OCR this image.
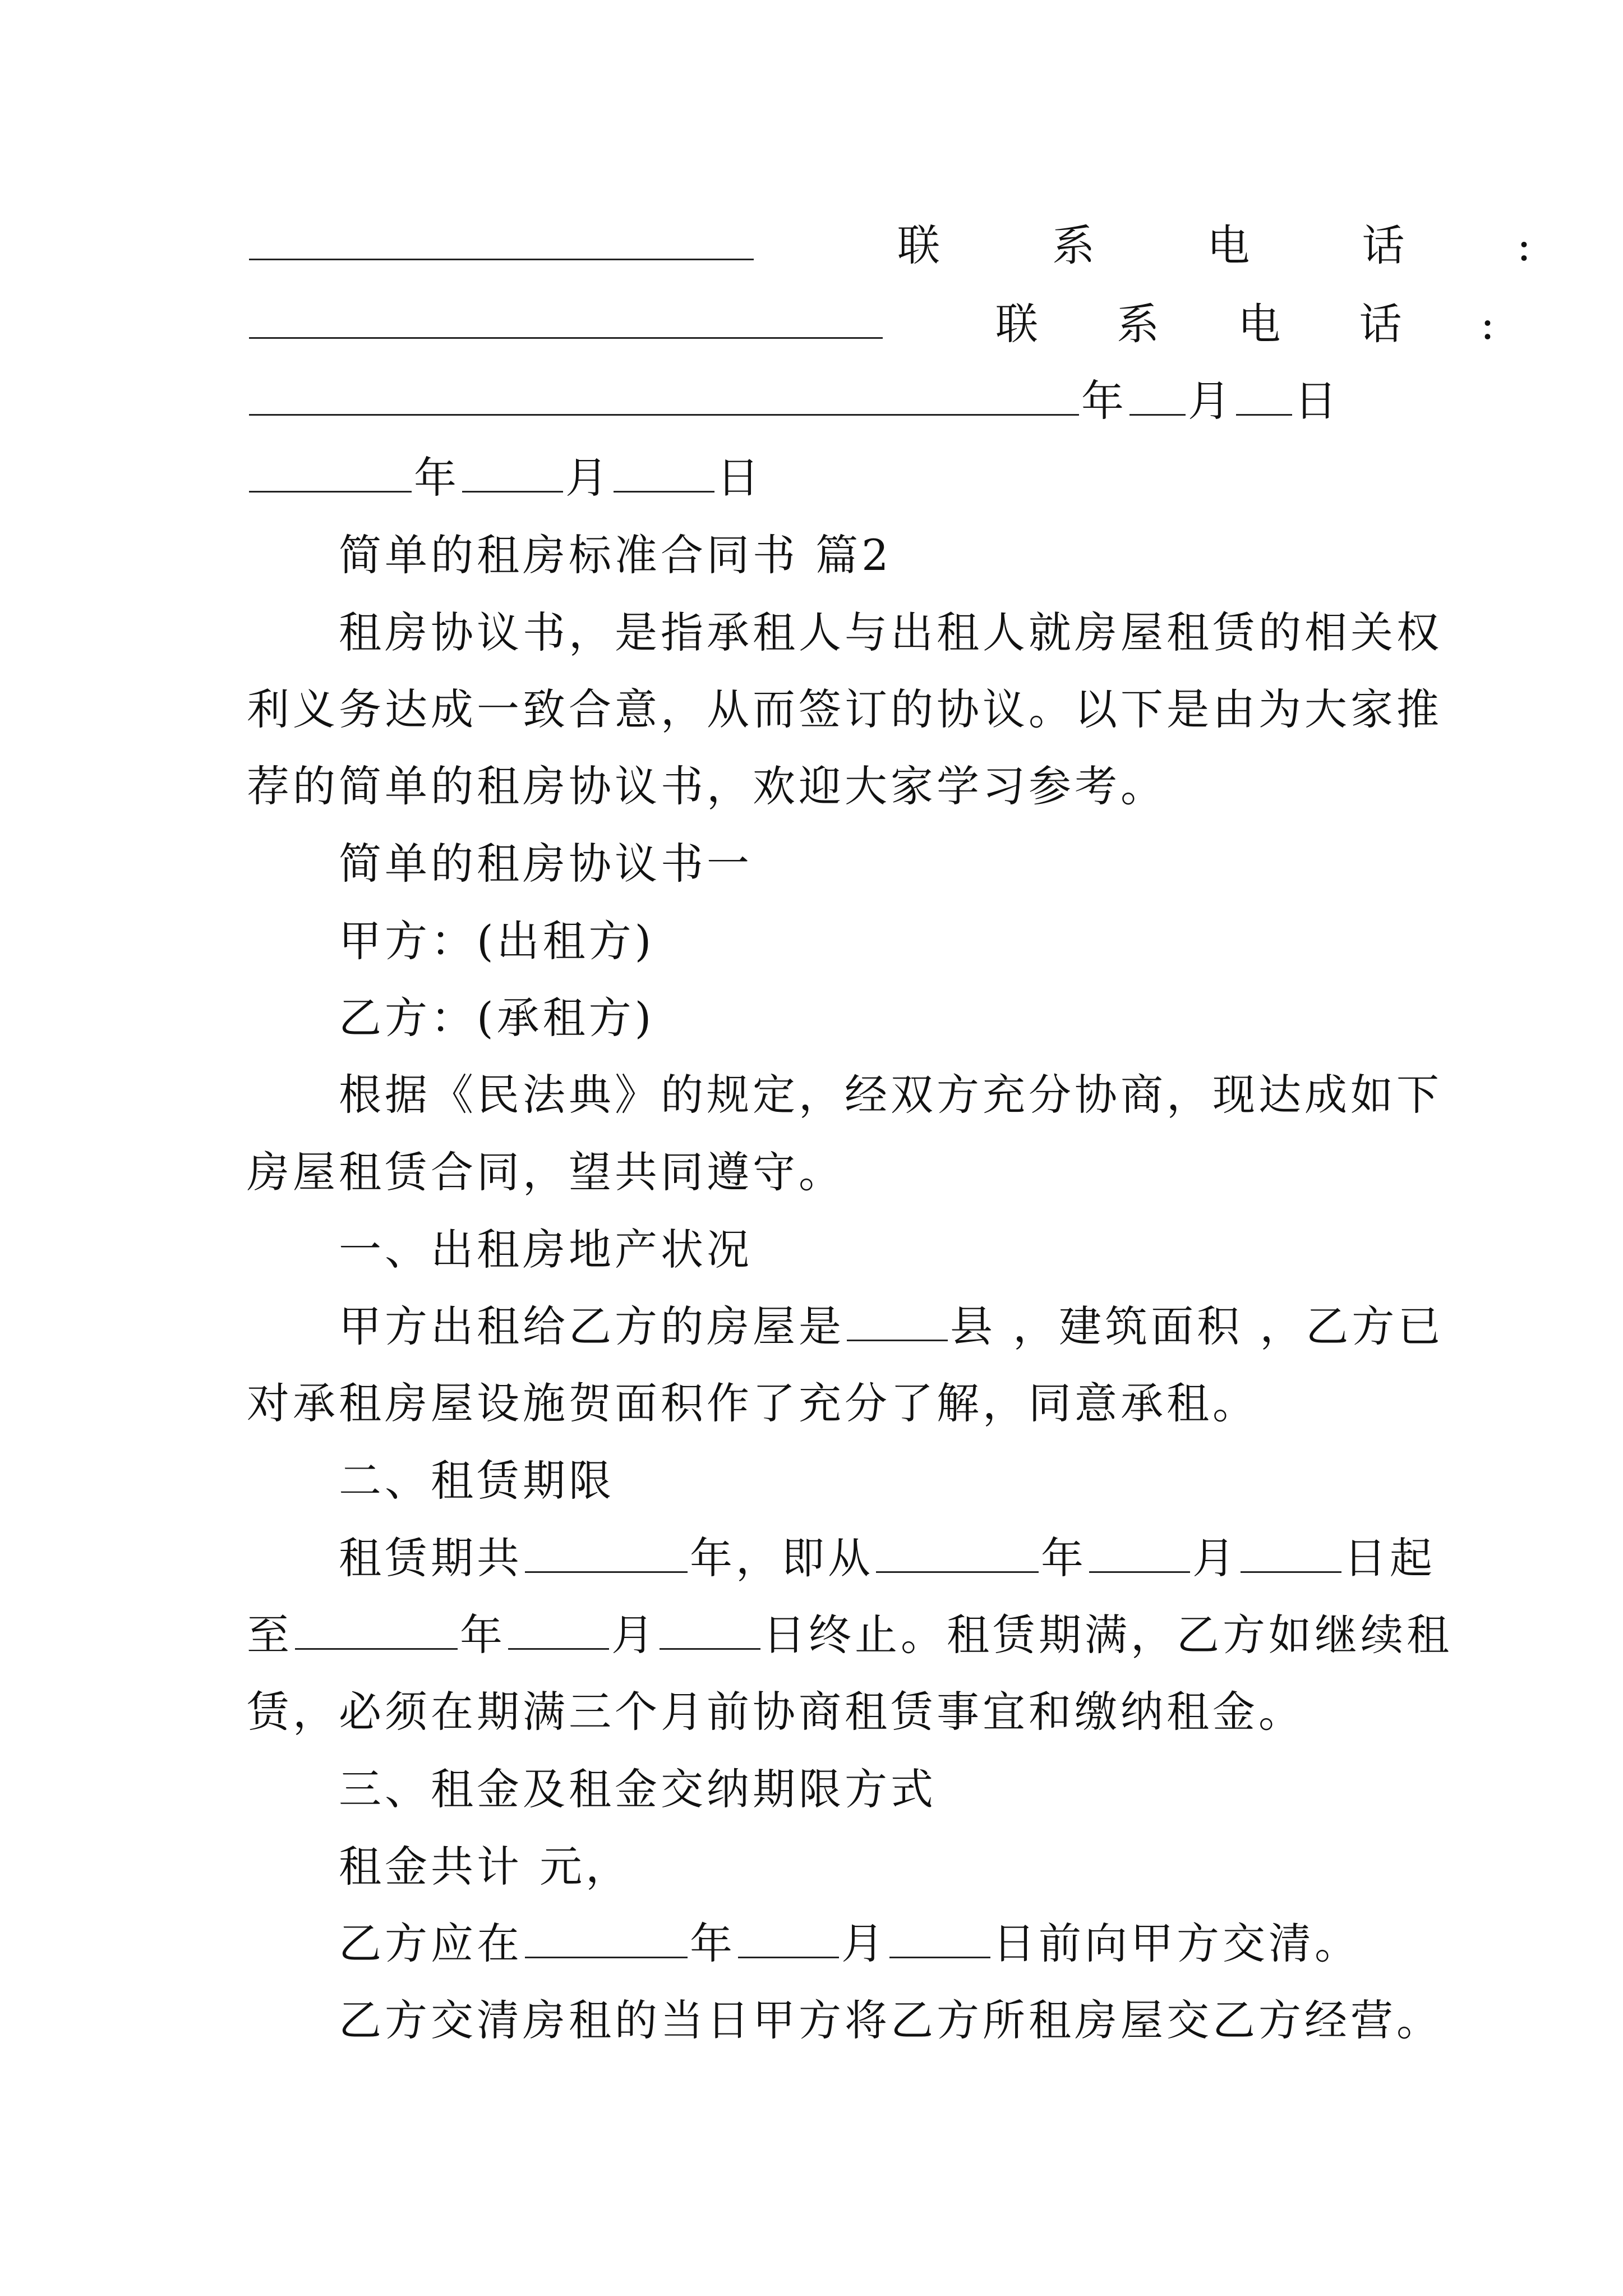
联 系 电 话 :
联 系 电 话 :
年 月 日
年 月 日
简单的租房标准合同书 篇2
租房协议书，是指承租人与出租人就房屋租赁的相关权
利义务达成一致合意，从而签订的协议。以下是由为大家推
荐的简单的租房协议书，欢迎大家学习参考。
简单的租房协议书一
甲方：(出租方)
乙方：(承租方)
根据《民法典》的规定，经双方充分协商，现达成如下
房屋租赁合同，望共同遵守。
一、出租房地产状况
甲方出租给乙方的房屋是 县 ，建筑面积 ，乙方已
对承租房屋设施贺面积作了充分了解，同意承租。
二、租赁期限
租赁期共	年，即从	年 月 日起
至	年 月 日终止。租赁期满，乙方如继续租
赁，必须在期满三个月前协商租赁事宜和缴纳租金。
三、租金及租金交纳期限方式
租金共计 元，
乙方应在	年 月 日前向甲方交清。
乙方交清房租的当日甲方将乙方所租房屋交乙方经营。
